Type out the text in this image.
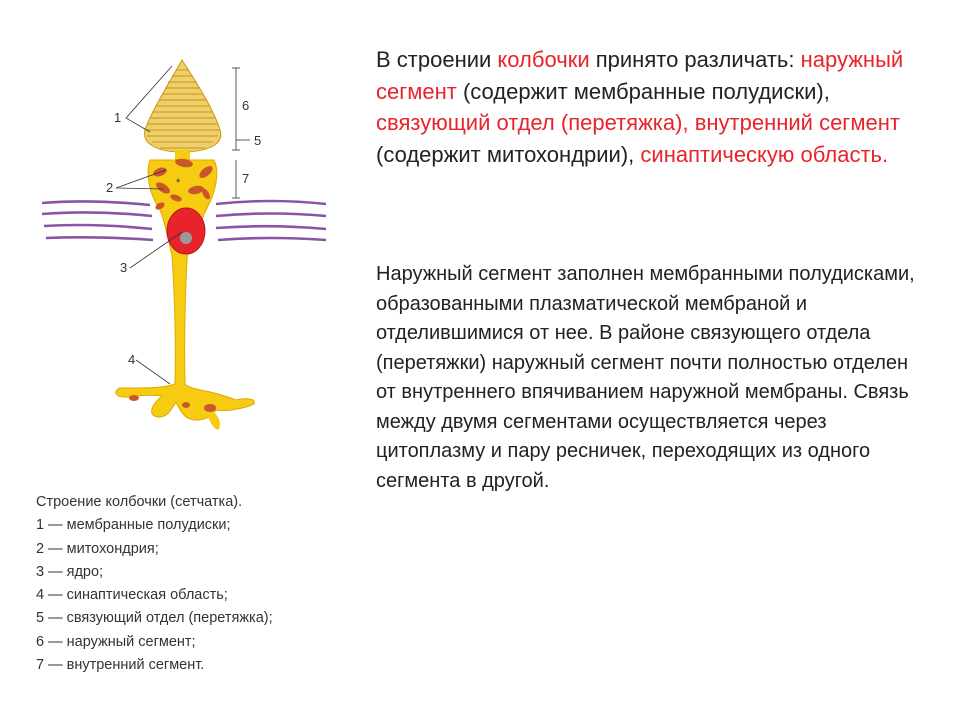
*
1
2
3
4
5
6
7
Строение колбочки (сетчатка).
1 — мембранные полудиски;
2 — митохондрия;
3 — ядро;
4 — синаптическая область;
5 — связующий отдел (перетяжка);
6 — наружный сегмент;
7 — внутренний сегмент.
В строении колбочки принято различать: наружный сегмент (содержит мембранные полудиски), связующий отдел (перетяжка), внутренний сегмент (содержит митохондрии), синаптическую область.
Наружный сегмент заполнен мембранными полудисками, образованными плазматической мембраной и отделившимися от нее. В районе связующего отдела (перетяжки) наружный сегмент почти полностью отделен от внутреннего впячиванием наружной мембраны. Связь между двумя сегментами осуществляется через цитоплазму и пару ресничек, переходящих из одного сегмента в другой.
